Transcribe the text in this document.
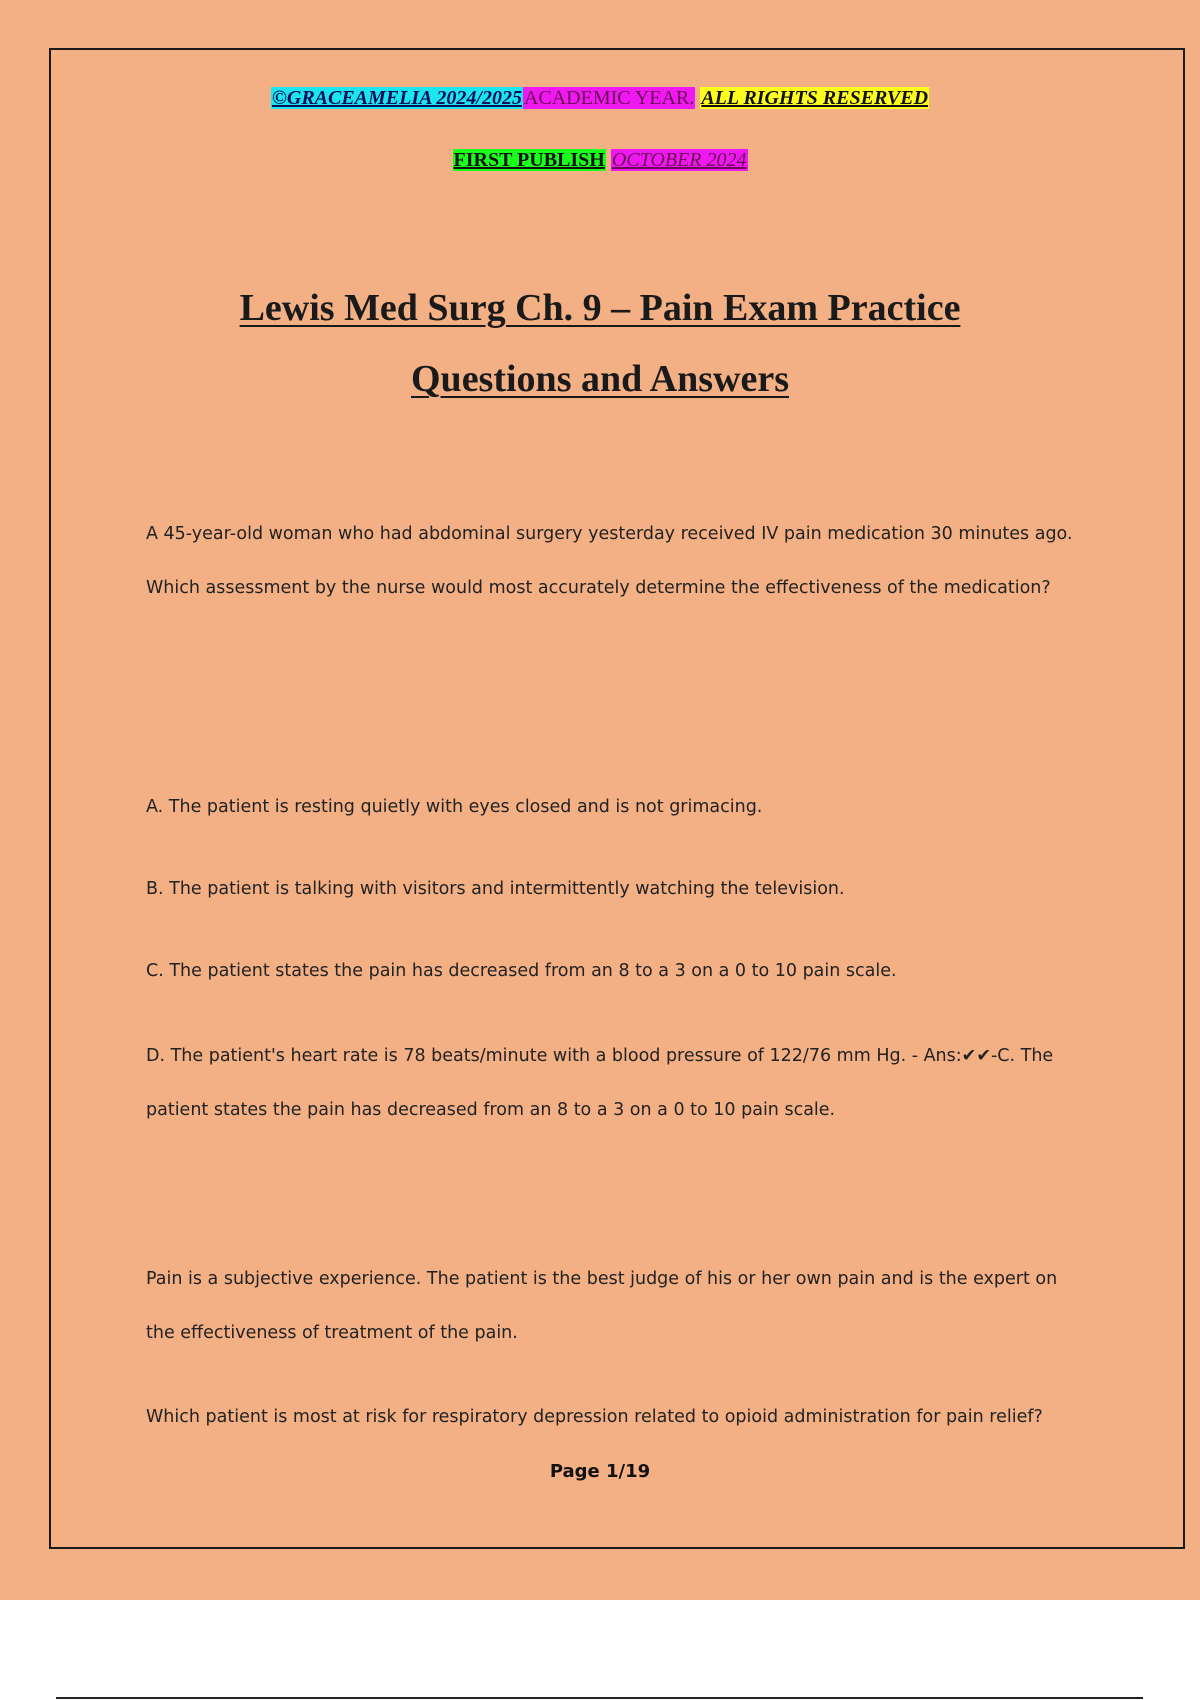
©GRACEAMELIA 2024/2025 ACADEMIC YEAR. ALL RIGHTS RESERVED
FIRST PUBLISH OCTOBER 2024
Lewis Med Surg Ch. 9 – Pain Exam Practice
Questions and Answers
A 45-year-old woman who had abdominal surgery yesterday received IV pain medication 30 minutes ago. Which assessment by the nurse would most accurately determine the effectiveness of the medication?
A. The patient is resting quietly with eyes closed and is not grimacing.
B. The patient is talking with visitors and intermittently watching the television.
C. The patient states the pain has decreased from an 8 to a 3 on a 0 to 10 pain scale.
D. The patient's heart rate is 78 beats/minute with a blood pressure of 122/76 mm Hg. - Ans:✔✔-C. The patient states the pain has decreased from an 8 to a 3 on a 0 to 10 pain scale.
Pain is a subjective experience. The patient is the best judge of his or her own pain and is the expert on the effectiveness of treatment of the pain.
Which patient is most at risk for respiratory depression related to opioid administration for pain relief?
Page 1/19
